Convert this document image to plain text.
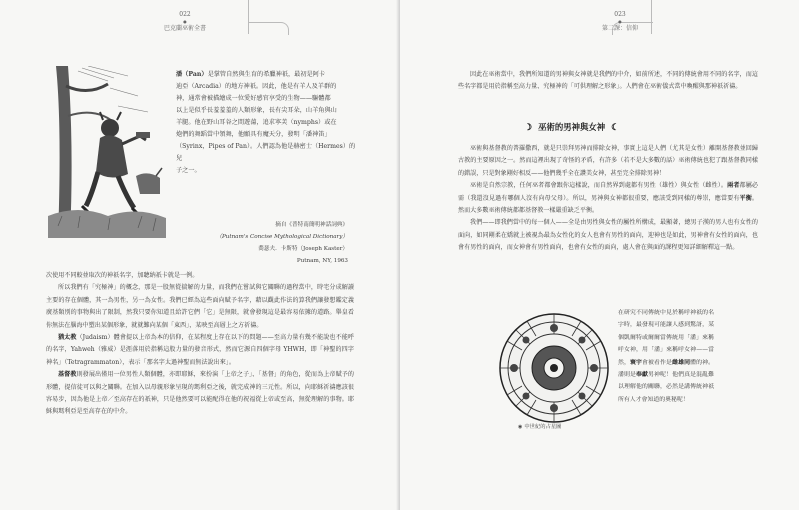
022
●
巴克蘭巫術全書

潘（Pan）是掌管自然與生育的希臘神祇，最初是阿卡

迪亞（Arcadia）的地方神祇。因此，他是有羊人及羊群的

神，通常會被描繪成一位愛好感官享受的生物——驅體都

以上是似乎長羞羞羞的人類形象，長有尖耳朵，山羊角與山

羊腿。他在野山耳谷之間遊蕩，追求寧芙（nymphs）或在

炮們的舞蹈當中領舞，他願具有魔天分，發明「潘神笛」

（Syrinx，Pipes of Pan）。人們認為他是赫密士（Hermes）的兒

子之一。

摘自《普特南簡明神話詞典》
（Putnam's Concise Mythological Dictionary）
喬瑟夫．卡斯特（Joseph Kaster）
Putnam, NY, 1963

次使用不同較並取次的神祇名字，加聽納祇卡就是一例。

所以我們有「究極神」的概念，那是一股無從揣解的力量，而我們在嘗試與它關聯的過程當中，時宅分成解讀主要的存在個體，其一為男性，另一為女性。我們已經為這些面向賦予名字，藉以觀此作法的算我們讓發想鑑定義廣基類別的事物與出了限制，然我只要你知道且給許它們「它」是無限，就會發現這是最容易依據的道路。舉皇看你無法在腦海中塑出某個形象，就就難向某個「東西」，某映至高層上之方祈禱。

猶太教（Judaism）體會提以上帝為本的信仰，在某程度上存在以下的問題——至高力量有幾不能說也不能呼的名字，Yahweh（雅威）是涯落用於指稱這股力量的發音形式，然而它源自四個字母 YHWH，即「神聖的四字神名」（Tetragrammaton），表示「那名字太過神聖而無法說出來」。

基督教則發展出僅用一位男性人類個體，亦即耶穌，來扮演「上帝之子」、「基督」的角色，從而為上帝賦予的形體，提信徒可以與之關聯。在加入以母親形象呈現的瑪利亞之後，就完成神的三元性。所以，向耶穌祈禱應該很容易步，因為他是上帝／至高存在的祇神，只是他然要可以能配得在他的祝福從上帝或至高，無從理解的事物。耶穌與瑪利亞是至高存在的中介。

023
●
第二課：信仰

因此在巫術當中，我們所知道的男神與女神就是我們的中介，如前所述，不同的傳統會用不同的名字，而這些名字都是用於指稱至高力量、究極神的「可供理解之形象」。人們會在巫術儀式當中喚醒與那神祇祈禱。

☽ 巫術的男神與女神 ☾

巫術與基督教的普羅撒西，就是只崇拜男神而排除女神，事實上這是人們（尤其是女性）離開基督教並回歸古教的主要原因之一。然而這裡出現了奇怪的矛盾，有許多（若不是大多數的話）巫術傳統也犯了跟基督教同樣的錯誤，只是對象剛好相反——他們幾乎全在讚美女神，甚至完全排除男神！

巫術是自然宗教，任何巫者都會跟你這樣說，而自然界到處都有男性（雄性）與女性（雌性）。兩者都屬必需（我還沒見過有哪個人沒有向母父母）。所以，男神與女神都很重要，應該受到同樣的尊崇，應當要有平衡。然而大多數巫術傳統都都基督教一樣嚴重缺乏平衡。

我們——即我們當中的每一個人——全是由男性與女性的屬性所構成，最顯著，總男子漢的男人也有女性的面向，如同剛柔在嬌就上被視為最為女性化的女人也會有男性的面向，迎神也是如此，男神會有女性的面向，也會有男性的面向，而女神會有男性面向，也會有女性的面向，處人會在與面的課程更知詳細解釋這一點。

◉ 中世紀的占星圖
在研究不同傳統中見於稱呼神祇的名字時，最發現可能讓人感到驚訝，某個凱爾特或爾爾當傳統用「潘」來稱呼女神，用「潘」來稱呼女神——當然，寰宇會被看作是雌雄同體的神。潘則是奉獻男神呢！他們真是混亂難以理解他的關聯，必然是講傳統神祇所有人才會知道的奧秘呢！
